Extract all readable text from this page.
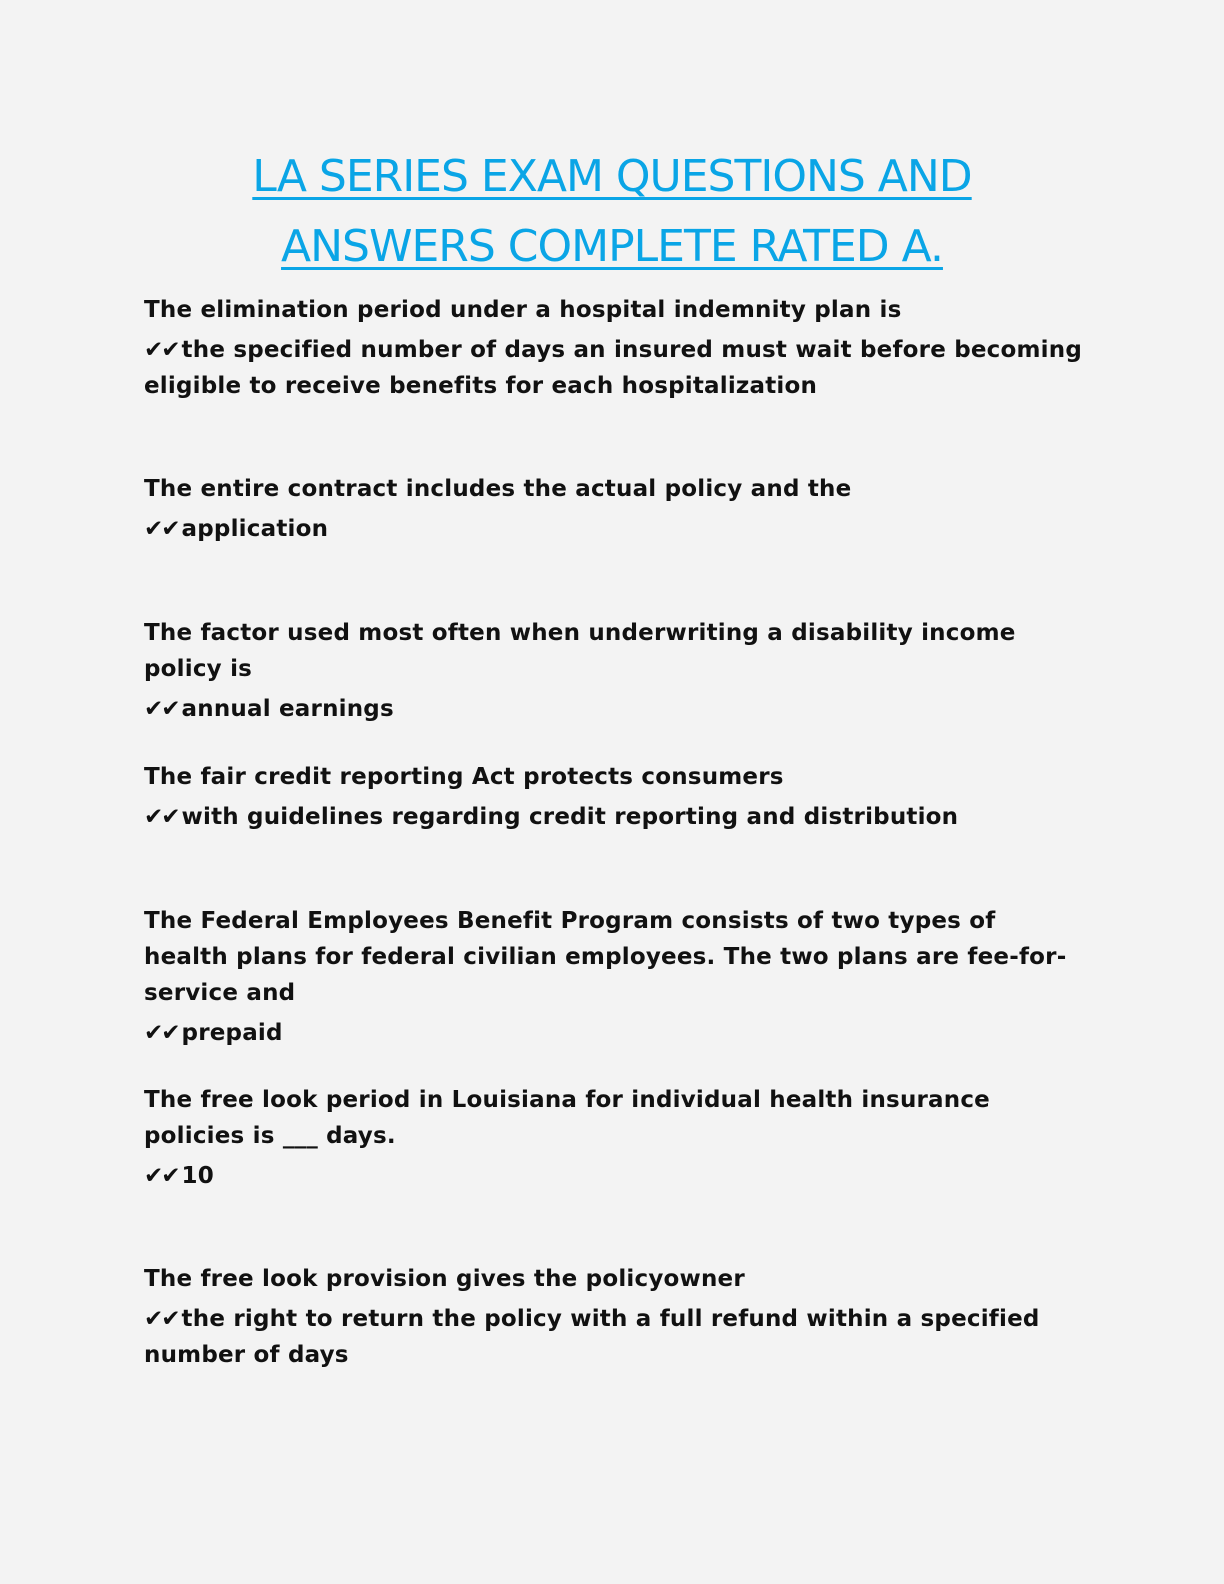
LA SERIES EXAM QUESTIONS AND
ANSWERS COMPLETE RATED A.

The elimination period under a hospital indemnity plan is

✔✔ the specified number of days an insured must wait before becoming eligible to receive benefits for each hospitalization

The entire contract includes the actual policy and the

✔✔ application

The factor used most often when underwriting a disability income policy is

✔✔ annual earnings

The fair credit reporting Act protects consumers

✔✔ with guidelines regarding credit reporting and distribution

The Federal Employees Benefit Program consists of two types of health plans for federal civilian employees. The two plans are fee-for-service and

✔✔ prepaid

The free look period in Louisiana for individual health insurance policies is ___ days.

✔✔ 10

The free look provision gives the policyowner

✔✔ the right to return the policy with a full refund within a specified number of days
